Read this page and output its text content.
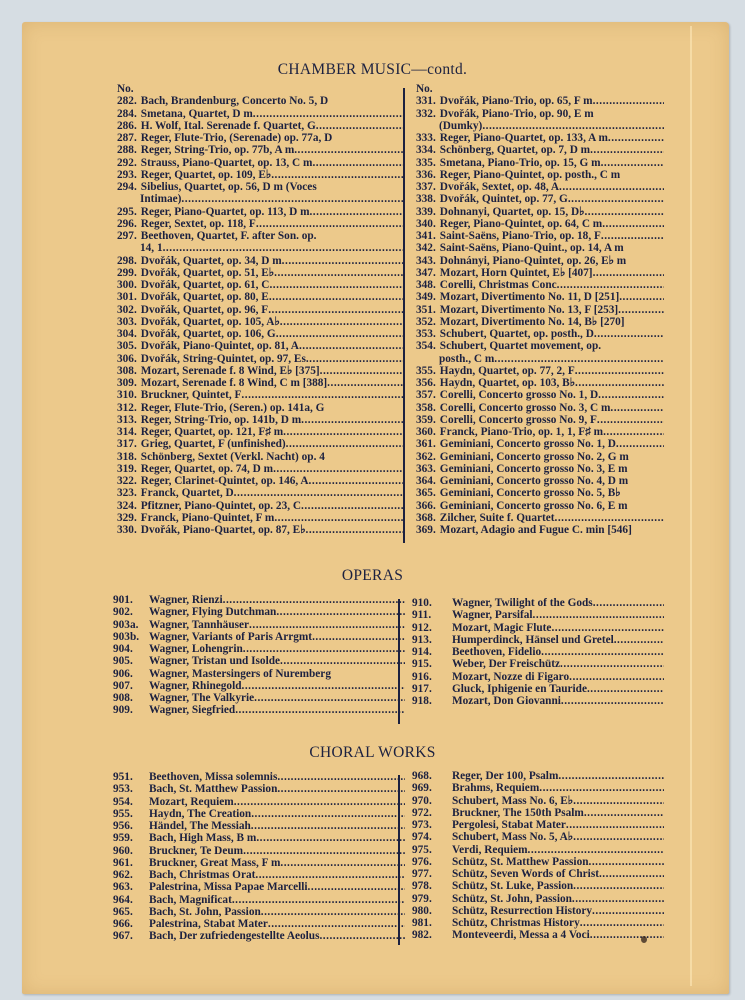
CHAMBER MUSIC—contd.
No.
282. Bach, Brandenburg, Concerto No. 5, D
284. Smetana, Quartet, D m
.....
286. H. Wolf, Ital. Serenade f. Quartet, G
.....
287. Reger, Flute-Trio, (Serenade) op. 77a, D
288. Reger, String-Trio, op. 77b, A m
.....
292. Strauss, Piano-Quartet, op. 13, C m
.....
293. Reger, Quartet, op. 109, E♭
.....
294. Sibelius, Quartet, op. 56, D m (Voces
Intimae)
.....
295. Reger, Piano-Quartet, op. 113, D m
.....
296. Reger, Sextet, op. 118, F
.....
297. Beethoven, Quartet, F. after Son. op.
14, 1
.....
298. Dvořák, Quartet, op. 34, D m
.....
299. Dvořák, Quartet, op. 51, E♭
.....
300. Dvořák, Quartet, op. 61, C
.....
301. Dvořák, Quartet, op. 80, E
.....
302. Dvořák, Quartet, op. 96, F
.....
303. Dvořák, Quartet, op. 105, A♭
.....
304. Dvořák, Quartet, op. 106, G
.....
305. Dvořák, Piano-Quintet, op. 81, A
.....
306. Dvořák, String-Quintet, op. 97, Es
.....
308. Mozart, Serenade f. 8 Wind, E♭ [375]
.....
309. Mozart, Serenade f. 8 Wind, C m [388]
.....
310. Bruckner, Quintet, F
.....
312. Reger, Flute-Trio, (Seren.) op. 141a, G
313. Reger, String-Trio, op. 141b, D m
.....
314. Reger, Quartet, op. 121, F♯ m
.....
317. Grieg, Quartet, F (unfinished)
.....
318. Schönberg, Sextet (Verkl. Nacht) op. 4
319. Reger, Quartet, op. 74, D m
.....
322. Reger, Clarinet-Quintet, op. 146, A
.....
323. Franck, Quartet, D
.....
324. Pfitzner, Piano-Quintet, op. 23, C
.....
329. Franck, Piano-Quintet, F m
.....
330. Dvořák, Piano-Quartet, op. 87, E♭
.....
No.
331. Dvořák, Piano-Trio, op. 65, F m
.....
332. Dvořák, Piano-Trio, op. 90, E m
(Dumky)
.....
333. Reger, Piano-Quartet, op. 133, A m
.....
334. Schönberg, Quartet, op. 7, D m
.....
335. Smetana, Piano-Trio, op. 15, G m
.....
336. Reger, Piano-Quintet, op. posth., C m
337. Dvořák, Sextet, op. 48, A
.....
338. Dvořák, Quintet, op. 77, G
.....
339. Dohnanyi, Quartet, op. 15, D♭
.....
340. Reger, Piano-Quintet, op. 64, C m
.....
341. Saint-Saëns, Piano-Trio, op. 18, F
.....
342. Saint-Saëns, Piano-Quint., op. 14, A m
343. Dohnányi, Piano-Quintet, op. 26, E♭ m
347. Mozart, Horn Quintet, E♭ [407]
.....
348. Corelli, Christmas Conc
.....
349. Mozart, Divertimento No. 11, D [251]
.....
351. Mozart, Divertimento No. 13, F [253]
.....
352. Mozart, Divertimento No. 14, B♭ [270]
353. Schubert, Quartet, op. posth., D
.....
354. Schubert, Quartet movement, op.
posth., C m
.....
355. Haydn, Quartet, op. 77, 2, F
.....
356. Haydn, Quartet, op. 103, B♭
.....
357. Corelli, Concerto grosso No. 1, D
.....
358. Corelli, Concerto grosso No. 3, C m
.....
359. Corelli, Concerto grosso No. 9, F
.....
360. Franck, Piano-Trio, op. 1, 1, F♯ m
.....
361. Geminiani, Concerto grosso No. 1, D
.....
362. Geminiani, Concerto grosso No. 2, G m
363. Geminiani, Concerto grosso No. 3, E m
364. Geminiani, Concerto grosso No. 4, D m
365. Geminiani, Concerto grosso No. 5, B♭
366. Geminiani, Concerto grosso No. 6, E m
368. Zilcher, Suite f. Quartet
.....
369. Mozart, Adagio and Fugue C. min [546]
OPERAS
901.	Wagner, Rienzi
.....
902.	Wagner, Flying Dutchman
.....
903a. Wagner, Tannhäuser
.....
903b. Wagner, Variants of Paris Arrgmt
.....
904.	Wagner, Lohengrin
.....
905.	Wagner, Tristan und Isolde
.....
906.	Wagner, Mastersingers of Nuremberg
907.	Wagner, Rhinegold
.....
908.	Wagner, The Valkyrie
.....
909.	Wagner, Siegfried
.....
910.	Wagner, Twilight of the Gods
.....
911.	Wagner, Parsifal
.....
912.	Mozart, Magic Flute
.....
913.	Humperdinck, Hänsel und Gretel
.....
914.	Beethoven, Fidelio
.....
915.	Weber, Der Freischütz
.....
916.	Mozart, Nozze di Figaro
.....
917.	Gluck, Iphigenie en Tauride
.....
918.	Mozart, Don Giovanni
.....
CHORAL WORKS
951.	Beethoven, Missa solemnis
.....
953.	Bach, St. Matthew Passion
.....
954.	Mozart, Requiem
.....
955.	Haydn, The Creation
.....
956.	Händel, The Messiah
.....
959.	Bach, High Mass, B m
.....
960.	Bruckner, Te Deum
.....
961.	Bruckner, Great Mass, F m
.....
962.	Bach, Christmas Orat
.....
963.	Palestrina, Missa Papae Marcelli
.....
964.	Bach, Magnificat
.....
965.	Bach, St. John, Passion
.....
966.	Palestrina, Stabat Mater
.....
967.	Bach, Der zufriedengestellte Aeolus
.....
968.	Reger, Der 100, Psalm
.....
969.	Brahms, Requiem
.....
970.	Schubert, Mass No. 6, E♭
.....
972.	Bruckner, The 150th Psalm
.....
973.	Pergolesi, Stabat Mater
.....
974.	Schubert, Mass No. 5, A♭
.....
975.	Verdi, Requiem
.....
976.	Schütz, St. Matthew Passion
.....
977.	Schütz, Seven Words of Christ
.....
978.	Schütz, St. Luke, Passion
.....
979.	Schütz, St. John, Passion
.....
980.	Schütz, Resurrection History
.....
981.	Schütz, Christmas History
.....
982.	Monteveerdi, Messa a 4 Voci
.....
